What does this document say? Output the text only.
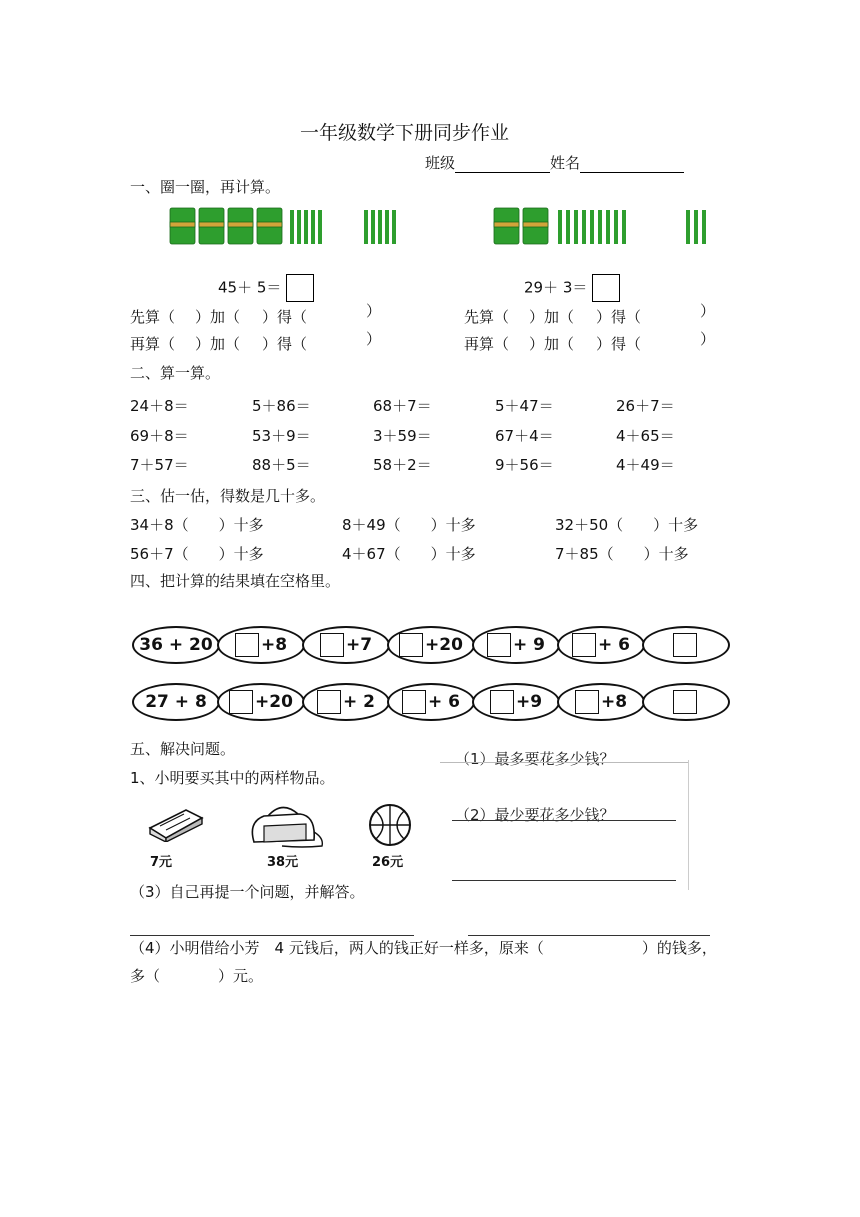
一年级数学下册同步作业
班级	姓名
一、圈一圈，再计算。
45＋ 5＝	29＋ 3＝
先算（ ）加（ ）得（	）
再算（ ）加（ ）得（	）
先算（ ）加（ ）得（	）
再算（ ）加（ ）得（	）
二、算一算。
24＋8＝	5＋86＝	68＋7＝	5＋47＝	26＋7＝
69＋8＝	53＋9＝	3＋59＝	67＋4＝	4＋65＝
7＋57＝	88＋5＝	58＋2＝	9＋56＝	4＋49＝
三、估一估，得数是几十多。
34＋8（　　）十多	8＋49（　　）十多	32＋50（　　）十多
56＋7（　　）十多	4＋67（　　）十多	7＋85（　　）十多
四、把计算的结果填在空格里。
36 + 20	+8	+7	+20	+ 9	+ 6
27 + 8	+20	+ 2	+ 6	+9	+8
五、解决问题。
1、小明要买其中的两样物品。
（1）最多要花多少钱？
（2）最少要花多少钱？
7元	38元	26元
（3）自己再提一个问题，并解答。
（4）小明借给小芳　4 元钱后，两人的钱正好一样多，原来（	）的钱多，
多（	）元。
